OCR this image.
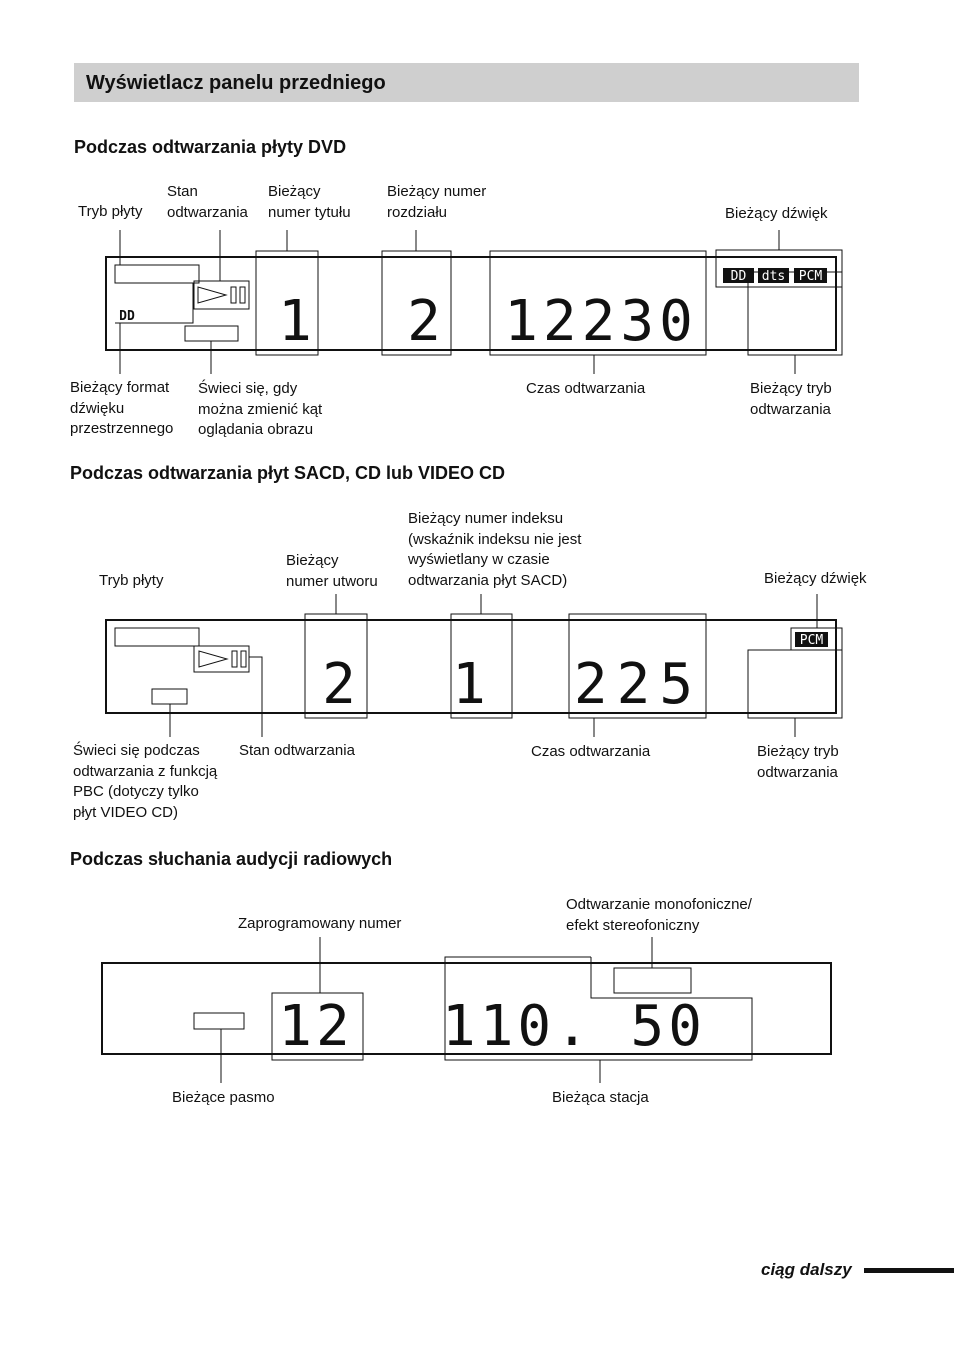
Wyświetlacz panelu przedniego
Podczas odtwarzania płyty DVD
Podczas odtwarzania płyt SACD, CD lub VIDEO CD
Podczas słuchania audycji radiowych
Tryb płyty
Stan
odtwarzania
Bieżący
numer tytułu
Bieżący numer
rozdziału	Bieżący dźwięk
Bieżący format
dźwięku
przestrzennego
Świeci się, gdy
można zmienić kąt
oglądania obrazu
Czas odtwarzania	Bieżący tryb
odtwarzania
Tryb płyty
Bieżący
numer utworu
Bieżący numer indeksu
(wskaźnik indeksu nie jest
wyświetlany w czasie
odtwarzania płyt SACD)	Bieżący dźwięk
Świeci się podczas
odtwarzania z funkcją
PBC (dotyczy tylko
płyt VIDEO CD)
Stan odtwarzania	Czas odtwarzania	Bieżący tryb
odtwarzania
Zaprogramowany numer
Odtwarzanie monofoniczne/
efekt stereofoniczny
Bieżące pasmo	Bieżąca stacja
DD dts PCM
DD
PCM
1 2 12230
2 1 225
12 110. 50
ciąg dalszy
